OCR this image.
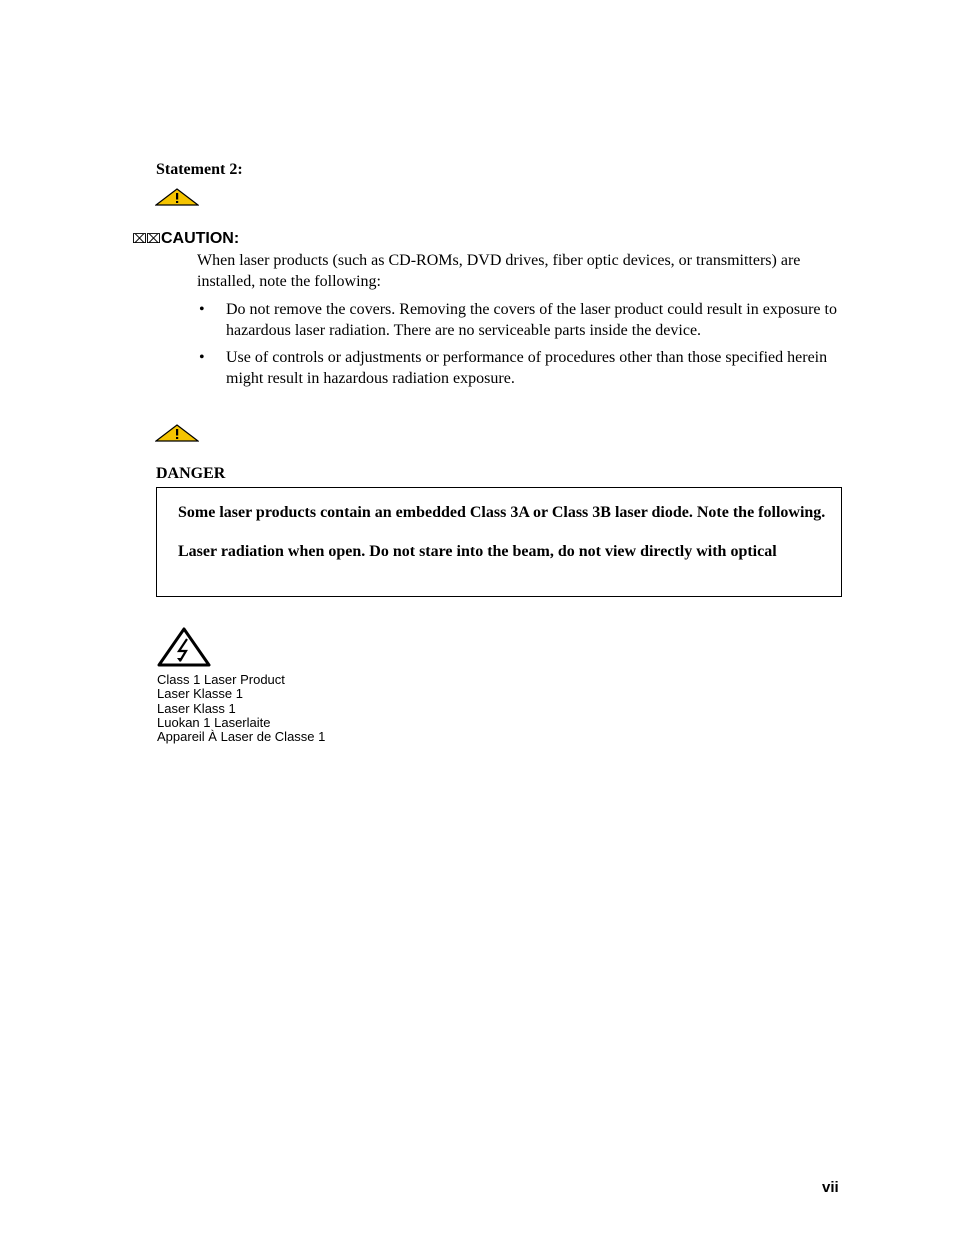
Statement 2:
⌧⌧ CAUTION:
When laser products (such as CD-ROMs, DVD drives, fiber optic devices, or transmitters) are installed, note the following:
• Do not remove the covers. Removing the covers of the laser product could result in exposure to hazardous laser radiation. There are no serviceable parts inside the device.
• Use of controls or adjustments or performance of procedures other than those specified herein might result in hazardous radiation exposure.
DANGER
Some laser products contain an embedded Class 3A or Class 3B laser diode. Note the following.
Laser radiation when open. Do not stare into the beam, do not view directly with optical
Class 1 Laser Product
Laser Klasse 1
Laser Klass 1
Luokan 1 Laserlaite
Appareil À Laser de Classe 1
vii
